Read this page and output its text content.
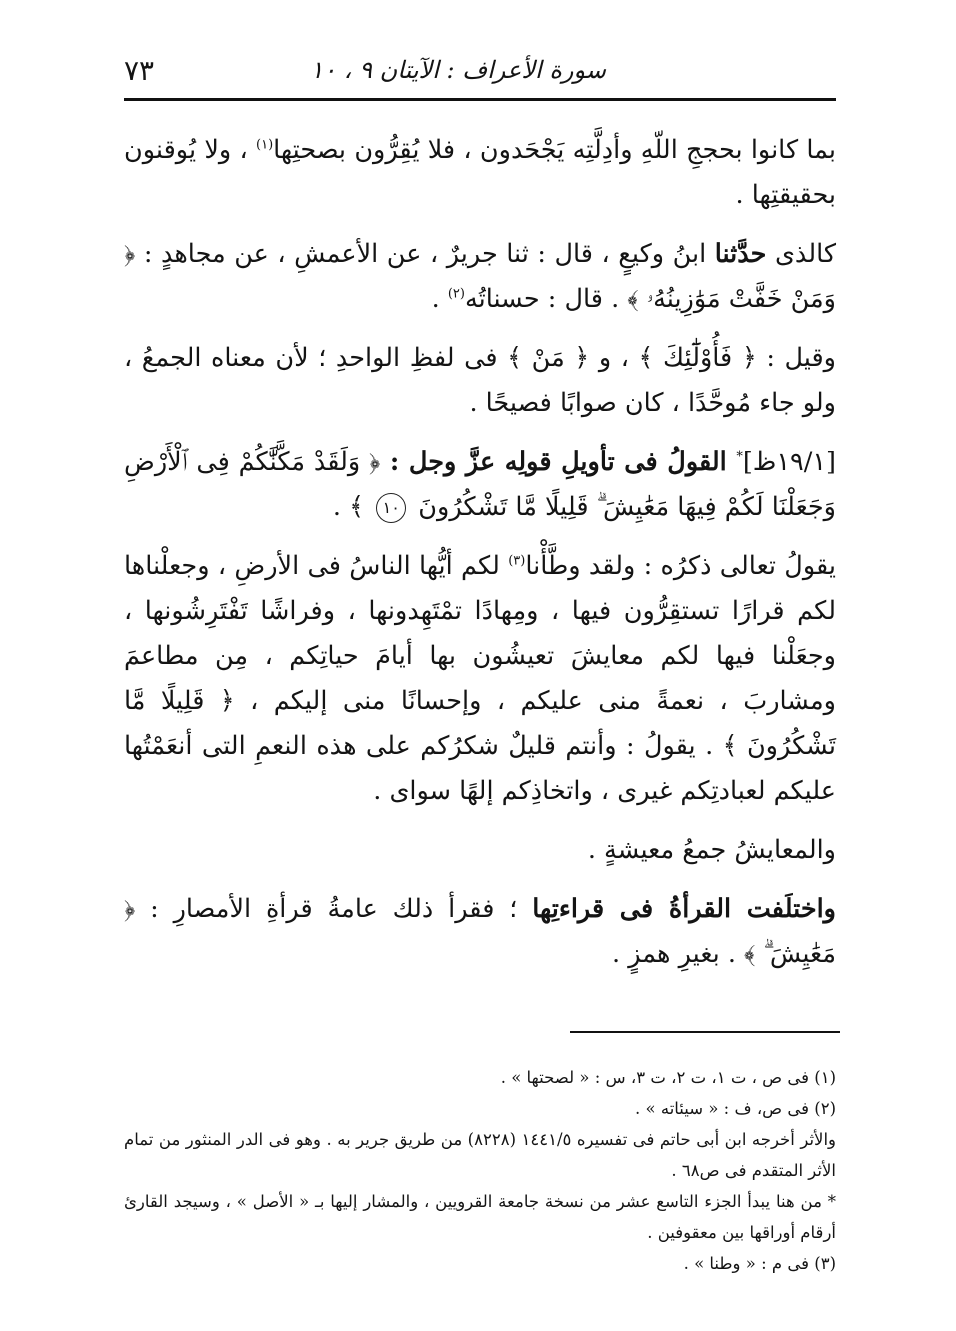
٧٣	سورة الأعراف : الآيتان ٩ ، ١٠

بما كانوا بحججِ اللّهِ وأدِلَّتِه يَجْحَدون ، فلا يُقِرُّون بصحتِها$^{(١)}$ ، ولا يُوقنون بحقيقتِها .

كالذى حدَّثنا ابنُ وكيعٍ ، قال : ثنا جريرٌ ، عن الأعمشِ ، عن مجاهدٍ : ﴿ وَمَنْ خَفَّتْ مَوَٰزِينُهُۥ ﴾ . قال : حسناتُه$^{(٢)}$ .

وقيل : ﴿ فَأُوْلَٰٓئِكَ ﴾ ، و ﴿ مَنْ ﴾ فى لفظِ الواحدِ ؛ لأن معناه الجمعُ ، ولو جاء مُوحَّدًا ، كان صوابًا فصيحًا .

[١٩/١ظ]* القولُ فى تأويلِ قولِه عزَّ وجل : ﴿ وَلَقَدْ مَكَّنَّٰكُمْ فِى ٱلْأَرْضِ وَجَعَلْنَا لَكُمْ فِيهَا مَعَٰيِشَ ۗ قَلِيلًا مَّا تَشْكُرُونَ ١٠ ﴾ .

يقولُ تعالى ذكرُه : ولقد وطَّأْنا$^{(٣)}$ لكم أيُّها الناسُ فى الأرضِ ، وجعلْناها لكم قرارًا تستقِرُّون فيها ، ومِهادًا تمْتَهِدونها ، وفراشًا تَفْتَرِشُونها ، وجعَلْنا فيها لكم معايشَ تعيشُون بها أيامَ حياتِكم ، مِن مطاعمَ ومشاربَ ، نعمةً منى عليكم ، وإحسانًا منى إليكم ، ﴿ قَلِيلًا مَّا تَشْكُرُونَ ﴾ . يقولُ : وأنتم قليلٌ شكرُكم على هذه النعمِ التى أنعَمْتُها عليكم لعبادتِكم غيرى ، واتخاذِكم إلهًا سواى .

والمعايشُ جمعُ معيشةٍ .

واختلَفت القرأةُ فى قراءتِها ؛ فقرأ ذلك عامةُ قرأةِ الأمصارِ : ﴿ مَعَٰيِشَ ۗ ﴾ . بغيرِ همزٍ .

(١) فى ص ، ت ١، ت ٢، ت ٣، س : « لصحتها » .

(٢) فى ص، ف : « سيئاته » .

والأثر أخرجه ابن أبى حاتم فى تفسيره ١٤٤١/٥ (٨٢٢٨) من طريق جرير به . وهو فى الدر المنثور من تمام الأثر المتقدم فى ص٦٨ .

* من هنا يبدأ الجزء التاسع عشر من نسخة جامعة القرويين ، والمشار إليها بـ « الأصل » ، وسيجد القارئ أرقام أوراقها بين معقوفين .

(٣) فى م : « وطنا » .
